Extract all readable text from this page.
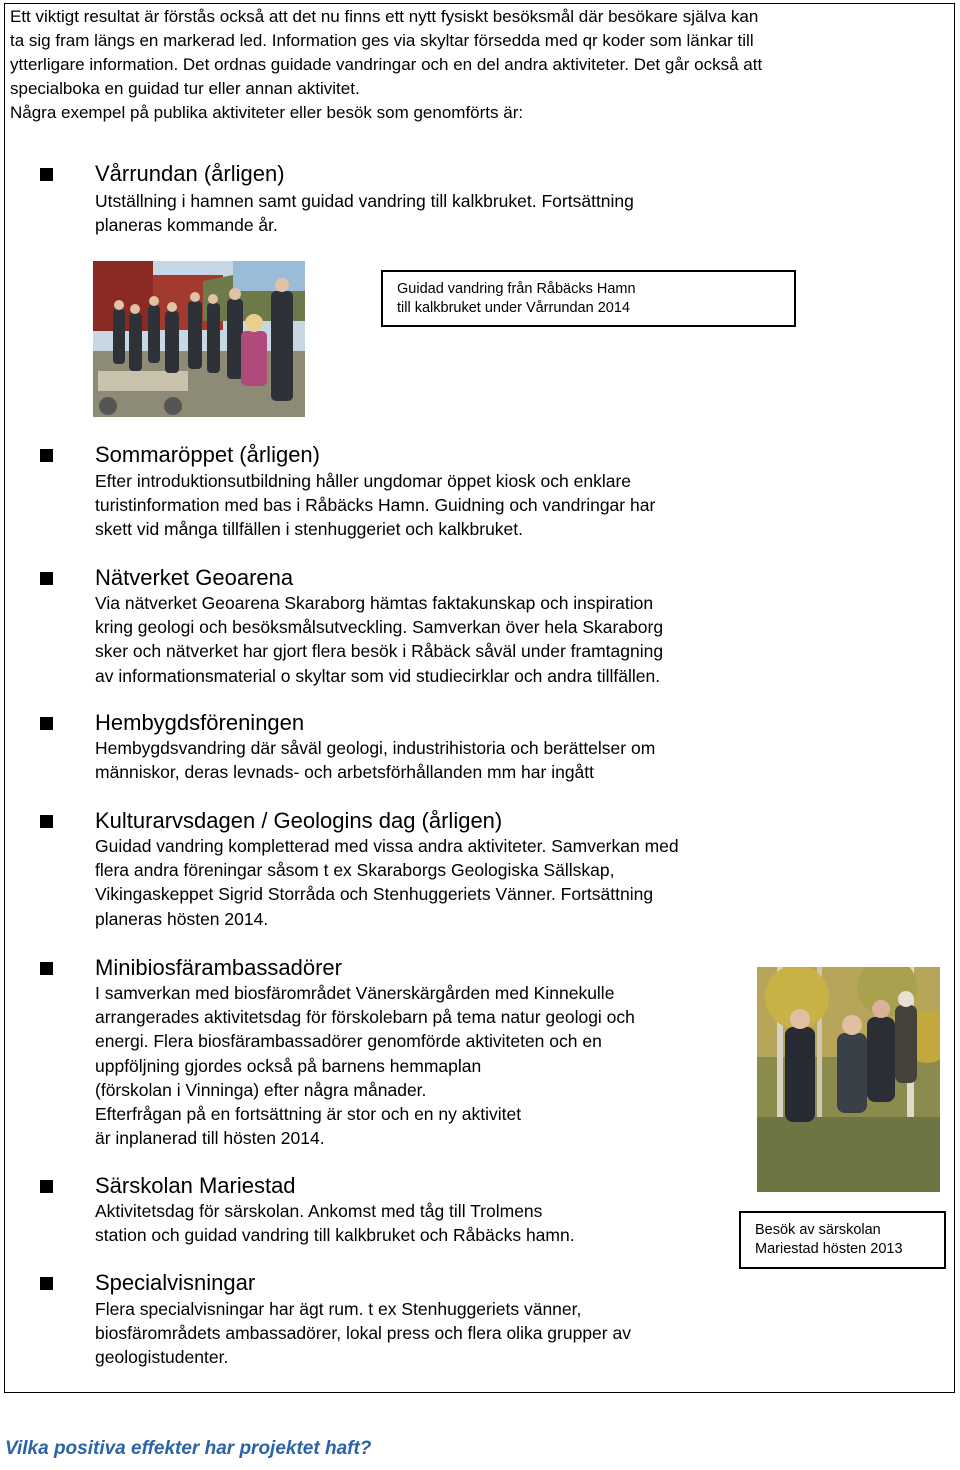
Ett viktigt resultat är förstås också att det nu finns ett nytt fysiskt besöksmål där besökare själva kan

ta sig fram längs en markerad led. Information ges via skyltar försedda med qr koder som länkar till

ytterligare information. Det ordnas guidade vandringar och en del andra aktiviteter. Det går också att

specialboka en guidad tur eller annan aktivitet.

Några exempel på publika aktiviteter eller besök som genomförts är:

Vårrundan (årligen)
Utställning i hamnen samt guidad vandring till kalkbruket. Fortsättning
planeras kommande år.
Guidad vandring från Råbäcks Hamn
till kalkbruket under Vårrundan 2014
Sommaröppet (årligen)
Efter introduktionsutbildning håller ungdomar öppet kiosk och enklare
turistinformation med bas i Råbäcks Hamn. Guidning och vandringar har
skett vid många tillfällen i stenhuggeriet och kalkbruket.
Nätverket Geoarena
Via nätverket Geoarena Skaraborg hämtas faktakunskap och inspiration
kring geologi och besöksmålsutveckling. Samverkan över hela Skaraborg
sker och nätverket har gjort flera besök i Råbäck såväl under framtagning
av informationsmaterial o skyltar som vid studiecirklar och andra tillfällen.
Hembygdsföreningen
Hembygdsvandring där såväl geologi, industrihistoria och berättelser om
människor, deras levnads- och arbetsförhållanden mm har ingått
Kulturarvsdagen / Geologins dag (årligen)
Guidad vandring kompletterad med vissa andra aktiviteter. Samverkan med
flera andra föreningar såsom t ex Skaraborgs Geologiska Sällskap,
Vikingaskeppet Sigrid Storråda och Stenhuggeriets Vänner. Fortsättning
planeras hösten 2014.
Minibiosfärambassadörer
I samverkan med biosfärområdet Vänerskärgården med Kinnekulle
arrangerades aktivitetsdag för förskolebarn på tema natur geologi och
energi. Flera biosfärambassadörer genomförde aktiviteten och en
uppföljning gjordes också på barnens hemmaplan
(förskolan i Vinninga) efter några månader.
Efterfrågan på en fortsättning är stor och en ny aktivitet
är inplanerad till hösten 2014.
Särskolan Mariestad
Aktivitetsdag för särskolan. Ankomst med tåg till Trolmens
station och guidad vandring till kalkbruket och Råbäcks hamn.	Besök av särskolan
Mariestad hösten 2013
Specialvisningar
Flera specialvisningar har ägt rum. t ex Stenhuggeriets vänner,
biosfärområdets ambassadörer, lokal press och flera olika grupper av
geologistudenter.
Vilka positiva effekter har projektet haft?
